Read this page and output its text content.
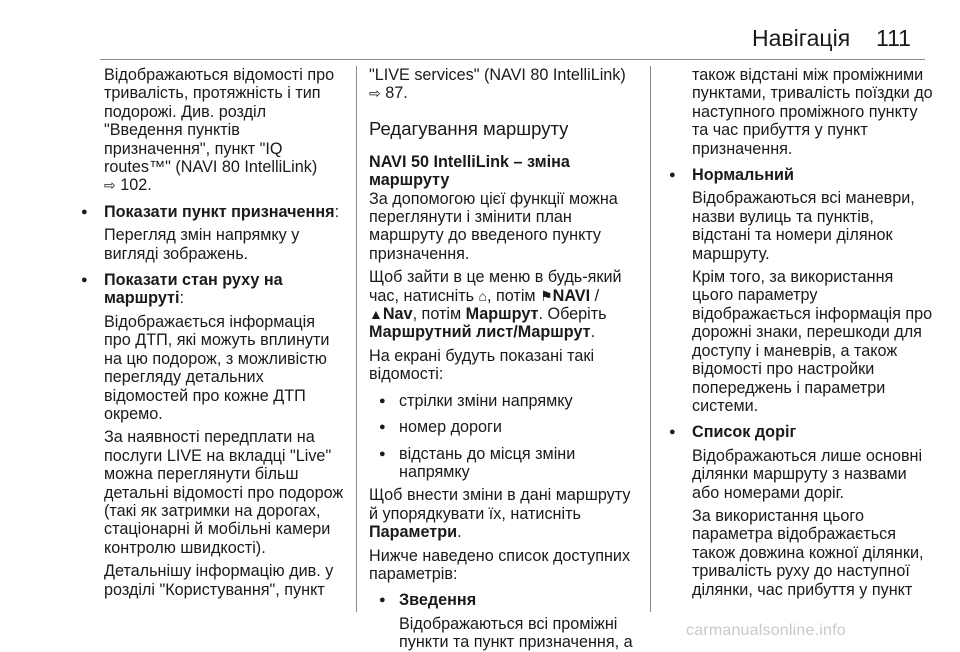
Навігація 111

Відображаються відомості про тривалість, протяжність і тип подорожі. Див. розділ "Введення пунктів призначення", пункт "IQ routes™" (NAVI 80 IntelliLink)
⇨ 102.

● Показати пункт призначення:

Перегляд змін напрямку у вигляді зображень.

● Показати стан руху на маршруті:

Відображається інформація про ДТП, які можуть вплинути на цю подорож, з можливістю перегляду детальних відомостей про кожне ДТП окремо.

За наявності передплати на послуги LIVE на вкладці "Live" можна переглянути більш детальні відомості про подорож (такі як затримки на дорогах, стаціонарні й мобільні камери контролю швидкості).

Детальнішу інформацію див. у розділі "Користування", пункт

"LIVE services" (NAVI 80 IntelliLink) ⇨ 87.

Редагування маршруту

NAVI 50 IntelliLink – зміна маршруту

За допомогою цієї функції можна переглянути і змінити план маршруту до введеного пункту призначення.

Щоб зайти в це меню в будь-який час, натисніть ⌂, потім ⚑NAVI / ▲Nav, потім Маршрут. Оберіть Маршрутний лист/Маршрут.

На екрані будуть показані такі відомості:

● стрілки зміни напрямку

● номер дороги

● відстань до місця зміни напрямку

Щоб внести зміни в дані маршруту й упорядкувати їх, натисніть Параметри.

Нижче наведено список доступних параметрів:

● Зведення

Відображаються всі проміжні пункти та пункт призначення, а

також відстані між проміжними пунктами, тривалість поїздки до наступного проміжного пункту та час прибуття у пункт призначення.

● Нормальний

Відображаються всі маневри, назви вулиць та пунктів, відстані та номери ділянок маршруту.

Крім того, за використання цього параметру відображається інформація про дорожні знаки, перешкоди для доступу і маневрів, а також відомості про настройки попереджень і параметри системи.

● Список доріг

Відображаються лише основні ділянки маршруту з назвами або номерами доріг.

За використання цього параметра відображається також довжина кожної ділянки, тривалість руху до наступної ділянки, час прибуття у пункт

carmanualsonline.info
